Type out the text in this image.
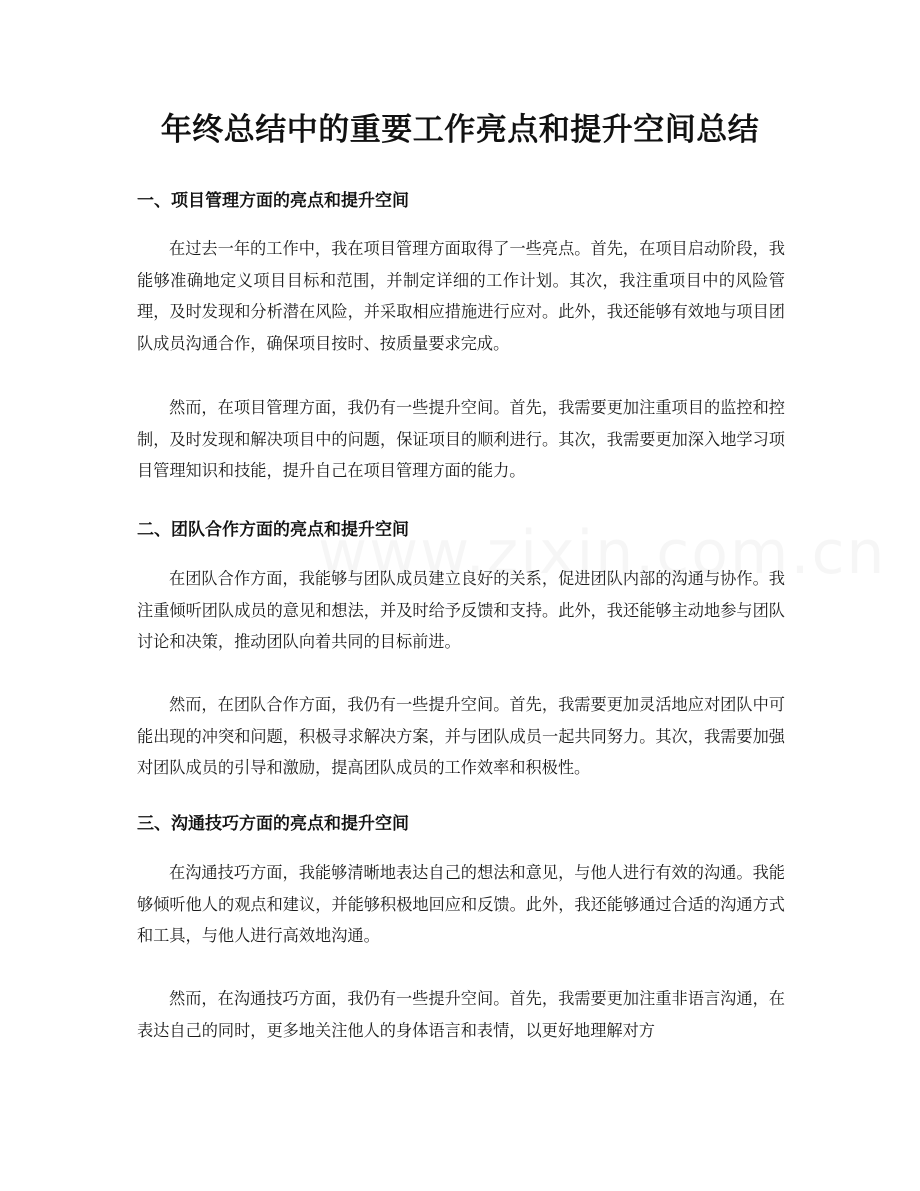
年终总结中的重要工作亮点和提升空间总结
一、项目管理方面的亮点和提升空间
在过去一年的工作中，我在项目管理方面取得了一些亮点。首先，在项目启动阶段，我能够准确地定义项目目标和范围，并制定详细的工作计划。其次，我注重项目中的风险管理，及时发现和分析潜在风险，并采取相应措施进行应对。此外，我还能够有效地与项目团队成员沟通合作，确保项目按时、按质量要求完成。
然而，在项目管理方面，我仍有一些提升空间。首先，我需要更加注重项目的监控和控制，及时发现和解决项目中的问题，保证项目的顺利进行。其次，我需要更加深入地学习项目管理知识和技能，提升自己在项目管理方面的能力。
二、团队合作方面的亮点和提升空间
在团队合作方面，我能够与团队成员建立良好的关系，促进团队内部的沟通与协作。我注重倾听团队成员的意见和想法，并及时给予反馈和支持。此外，我还能够主动地参与团队讨论和决策，推动团队向着共同的目标前进。
然而，在团队合作方面，我仍有一些提升空间。首先，我需要更加灵活地应对团队中可能出现的冲突和问题，积极寻求解决方案，并与团队成员一起共同努力。其次，我需要加强对团队成员的引导和激励，提高团队成员的工作效率和积极性。
三、沟通技巧方面的亮点和提升空间
在沟通技巧方面，我能够清晰地表达自己的想法和意见，与他人进行有效的沟通。我能够倾听他人的观点和建议，并能够积极地回应和反馈。此外，我还能够通过合适的沟通方式和工具，与他人进行高效地沟通。
然而，在沟通技巧方面，我仍有一些提升空间。首先，我需要更加注重非语言沟通，在表达自己的同时，更多地关注他人的身体语言和表情，以更好地理解对方
